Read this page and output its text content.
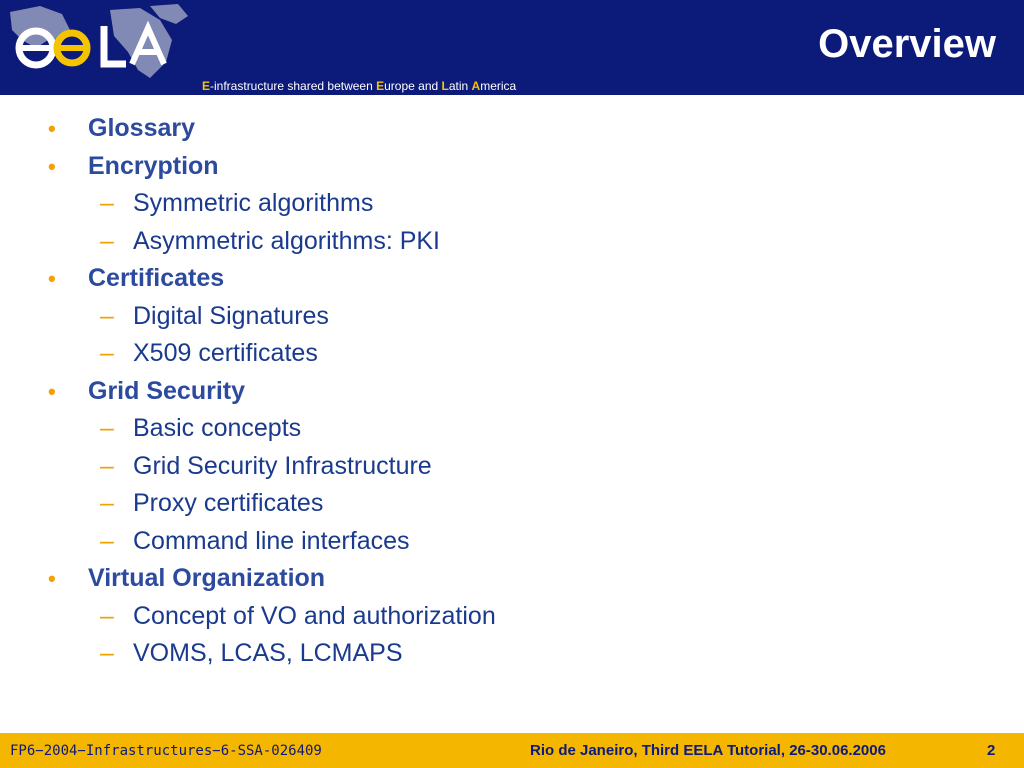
Overview
E-infrastructure shared between Europe and Latin America
• Glossary
• Encryption
– Symmetric algorithms
– Asymmetric algorithms: PKI
• Certificates
– Digital Signatures
– X509 certificates
• Grid Security
– Basic concepts
– Grid Security Infrastructure
– Proxy certificates
– Command line interfaces
• Virtual Organization
– Concept of VO and authorization
– VOMS, LCAS, LCMAPS
FP6−2004−Infrastructures−6-SSA-026409	Rio de Janeiro, Third EELA Tutorial, 26-30.06.2006	2
